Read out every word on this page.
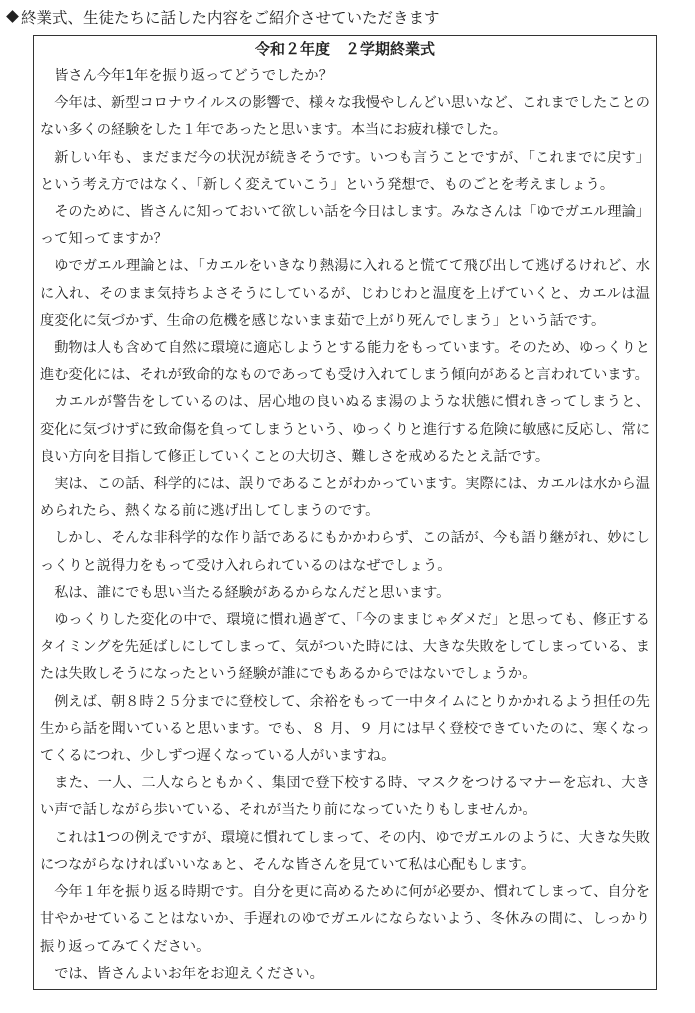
終業式、生徒たちに話した内容をご紹介させていただきます
令和２年度　２学期終業式

皆さん今年1年を振り返ってどうでしたか？

今年は、新型コロナウイルスの影響で、様々な我慢やしんどい思いなど、これまでしたことのない多くの経験をした１年であったと思います。本当にお疲れ様でした。

新しい年も、まだまだ今の状況が続きそうです。いつも言うことですが、「これまでに戻す」という考え方ではなく、「新しく変えていこう」という発想で、ものごとを考えましょう。

そのために、皆さんに知っておいて欲しい話を今日はします。みなさんは「ゆでガエル理論」って知ってますか？

ゆでガエル理論とは、「カエルをいきなり熱湯に入れると慌てて飛び出して逃げるけれど、水に入れ、そのまま気持ちよさそうにしているが、じわじわと温度を上げていくと、カエルは温度変化に気づかず、生命の危機を感じないまま茹で上がり死んでしまう」という話です。

動物は人も含めて自然に環境に適応しようとする能力をもっています。そのため、ゆっくりと進む変化には、それが致命的なものであっても受け入れてしまう傾向があると言われています。

カエルが警告をしているのは、居心地の良いぬるま湯のような状態に慣れきってしまうと、変化に気づけずに致命傷を負ってしまうという、ゆっくりと進行する危険に敏感に反応し、常に良い方向を目指して修正していくことの大切さ、難しさを戒めるたとえ話です。

実は、この話、科学的には、誤りであることがわかっています。実際には、カエルは水から温められたら、熱くなる前に逃げ出してしまうのです。

しかし、そんな非科学的な作り話であるにもかかわらず、この話が、今も語り継がれ、妙にしっくりと説得力をもって受け入れられているのはなぜでしょう。

私は、誰にでも思い当たる経験があるからなんだと思います。

ゆっくりした変化の中で、環境に慣れ過ぎて、「今のままじゃダメだ」と思っても、修正するタイミングを先延ばしにしてしまって、気がついた時には、大きな失敗をしてしまっている、または失敗しそうになったという経験が誰にでもあるからではないでしょうか。

例えば、朝８時２５分までに登校して、余裕をもって一中タイムにとりかかれるよう担任の先生から話を聞いていると思います。でも、８ 月、９ 月には早く登校できていたのに、寒くなってくるにつれ、少しずつ遅くなっている人がいますね。

また、一人、二人ならともかく、集団で登下校する時、マスクをつけるマナーを忘れ、大きい声で話しながら歩いている、それが当たり前になっていたりもしませんか。

これは1つの例えですが、環境に慣れてしまって、その内、ゆでガエルのように、大きな失敗につながらなければいいなぁと、そんな皆さんを見ていて私は心配もします。

今年１年を振り返る時期です。自分を更に高めるために何が必要か、慣れてしまって、自分を甘やかせていることはないか、手遅れのゆでガエルにならないよう、冬休みの間に、しっかり振り返ってみてください。

では、皆さんよいお年をお迎えください。
